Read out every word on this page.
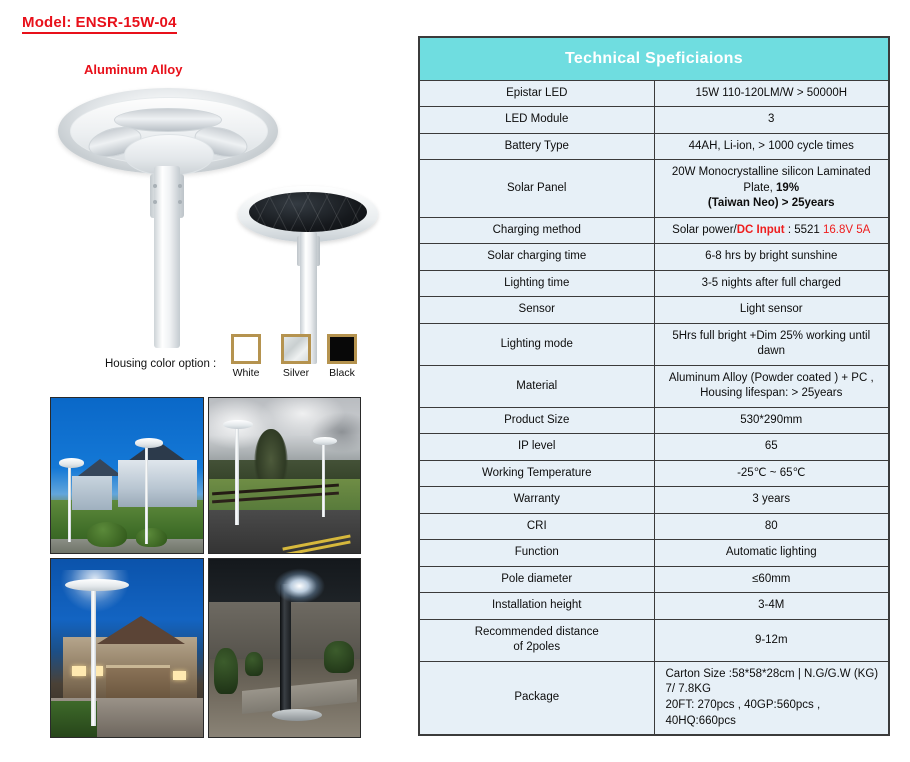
Model: ENSR-15W-04
Aluminum Alloy
Housing color option :
White Silver Black
Technical Speficiaions	
Epistar LED	15W 110-120LM/W > 50000H
LED Module	3
Battery Type	44AH, Li-ion, > 1000 cycle times
Solar Panel	20W Monocrystalline silicon Laminated Plate, 19%
(Taiwan Neo) > 25years
Charging method	Solar power/DC Input : 5521 16.8V 5A
Solar charging time	6-8 hrs by bright sunshine
Lighting time	3-5 nights after full charged
Sensor	Light sensor
Lighting mode	5Hrs full bright +Dim 25% working until dawn
Material	Aluminum Alloy (Powder coated ) + PC ,
Housing lifespan: > 25years
Product Size	530*290mm
IP level	65
Working Temperature	-25℃ ~ 65℃
Warranty	3 years
CRI	80
Function	Automatic lighting
Pole diameter	≤60mm
Installation height	3-4M
Recommended distance
of 2poles	9-12m
Package	Carton Size :58*58*28cm | N.G/G.W (KG) 7/ 7.8KG
20FT: 270pcs , 40GP:560pcs , 40HQ:660pcs
